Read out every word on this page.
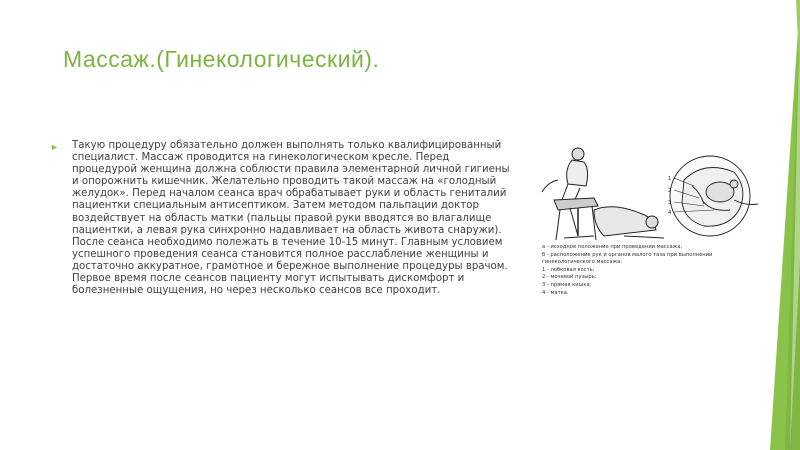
Массаж.(Гинекологический).
► Такую процедуру обязательно должен выполнять только квалифицированный специалист. Массаж проводится на гинекологическом кресле. Перед процедурой женщина должна соблюсти правила элементарной личной гигиены и опорожнить кишечник. Желательно проводить такой массаж на «голодный желудок». Перед началом сеанса врач обрабатывает руки и область гениталий пациентки специальным антисептиком. Затем методом пальпации доктор воздействует на область матки (пальцы правой руки вводятся во влагалище пациентки, а левая рука синхронно надавливает на область живота снаружи). После сеанса необходимо полежать в течение 10-15 минут. Главным условием успешного проведения сеанса становится полное расслабление женщины и достаточно аккуратное, грамотное и бережное выполнение процедуры врачом. Первое время после сеансов пациенту могут испытывать дискомфорт и болезненные ощущения, но через несколько сеансов все проходит.
1
2
3
4
а - исходное положение при проведении массажа,
б - расположение рук и органов малого таза при выполнении
гинекологического массажа:
1 - лобковая кость;
2 - мочевой пузырь;
3 - прямая кишка;
4 - матка.
